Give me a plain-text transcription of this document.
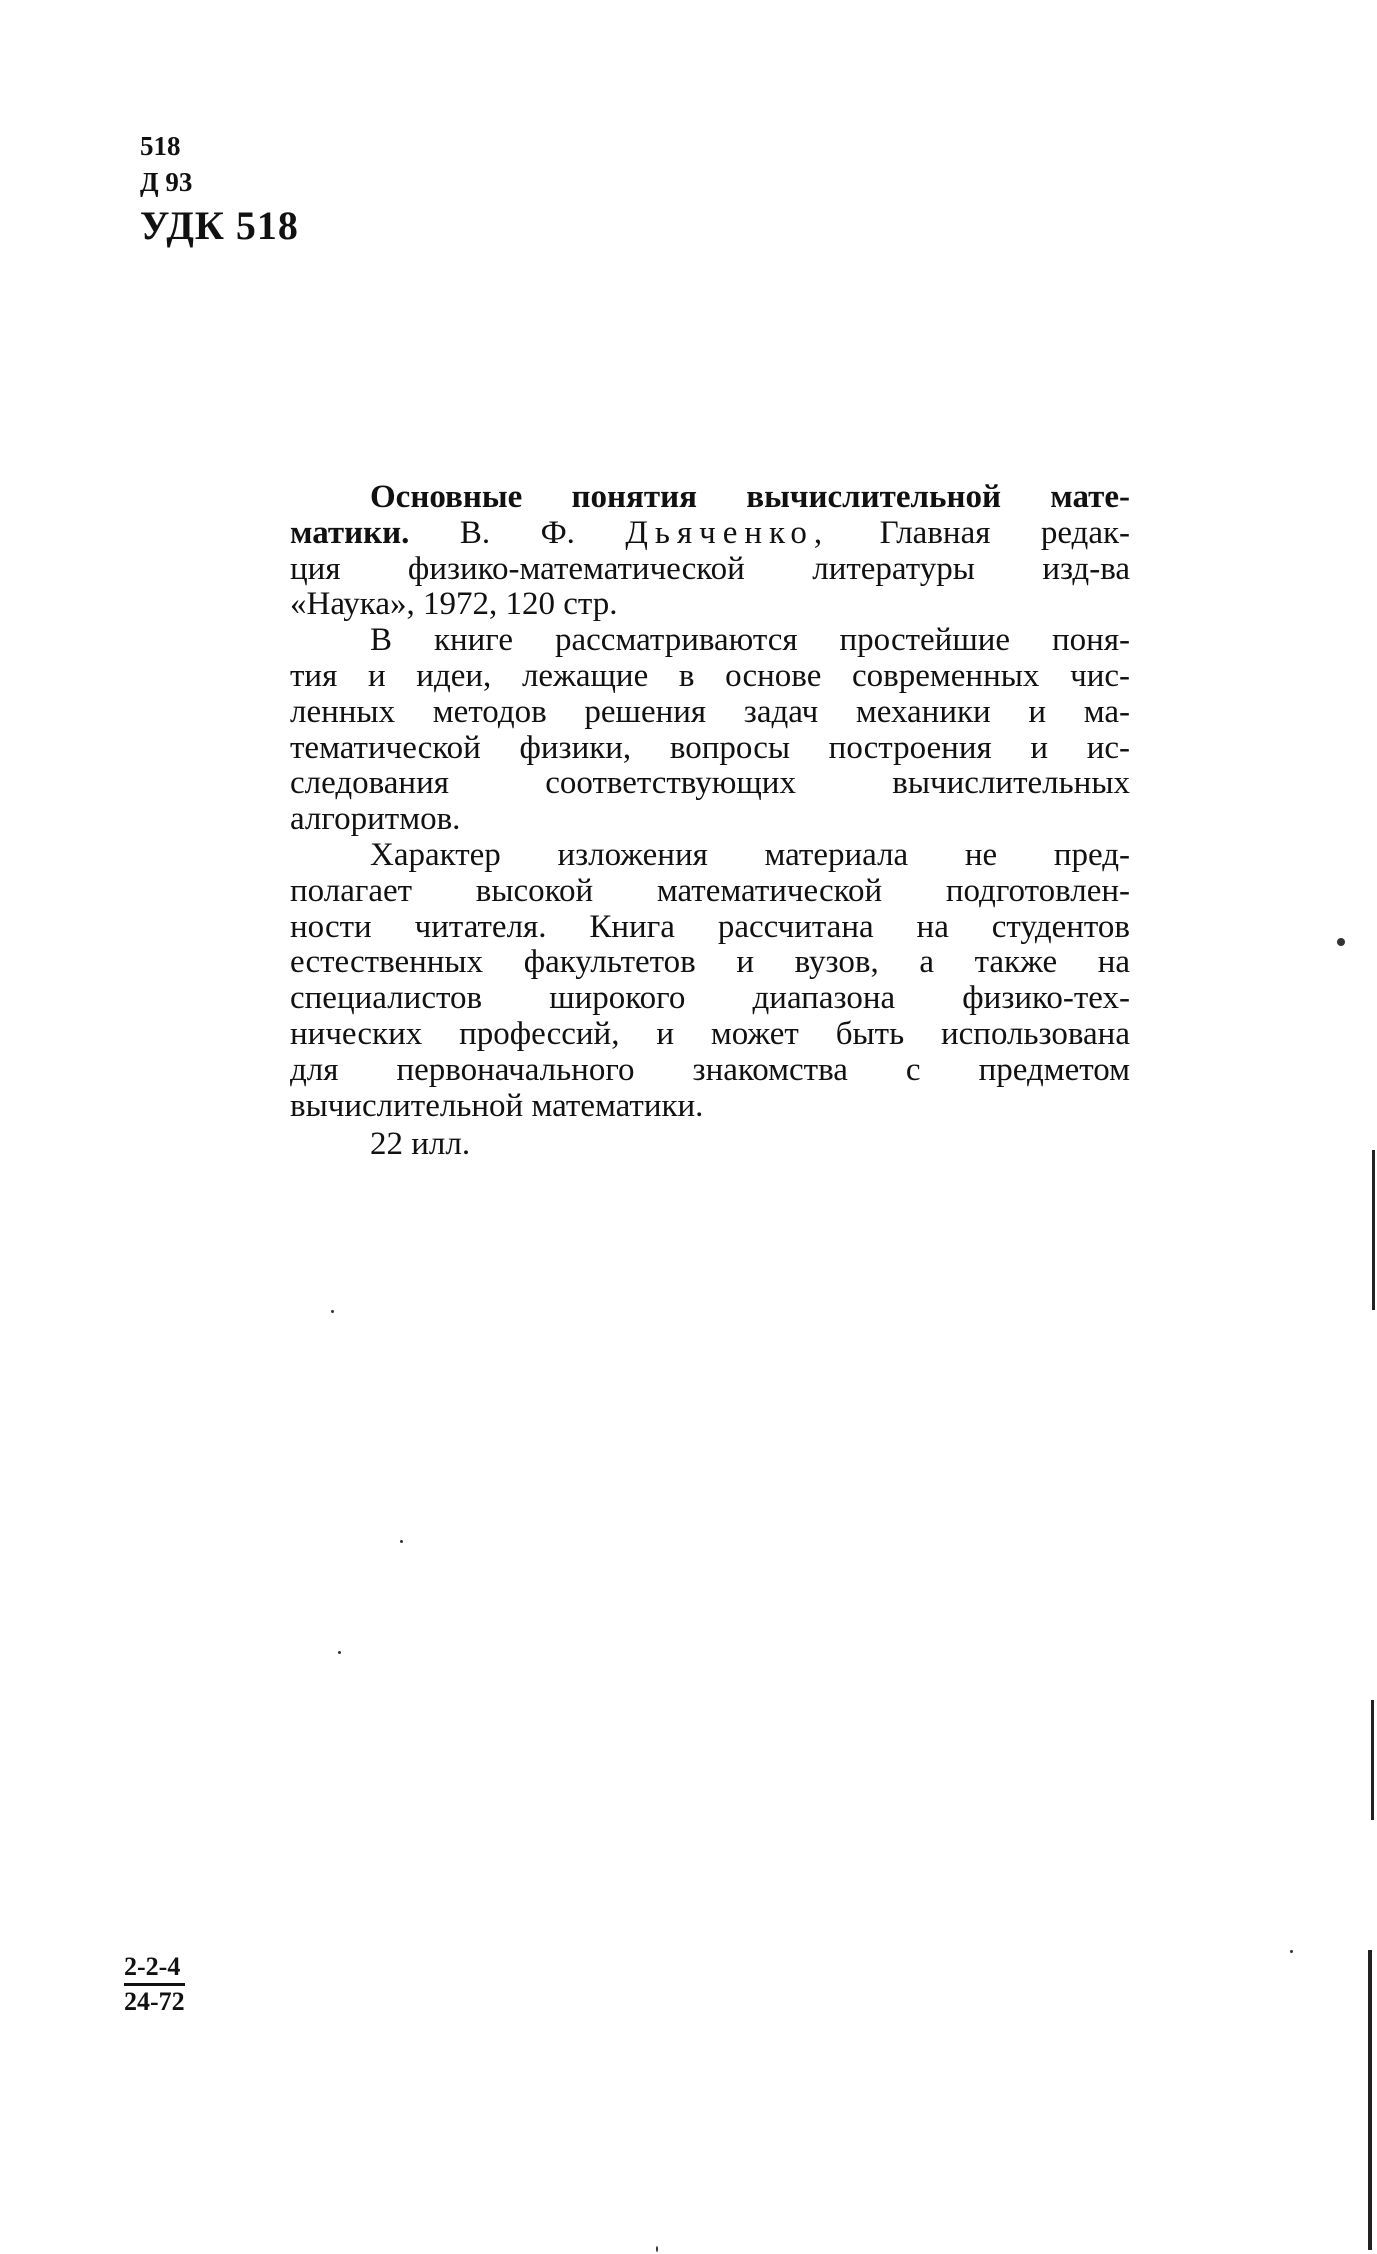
518
Д 93
УДК 518

Основные понятия вычислительной мате-
матики. В. Ф. Дьяченко, Главная редак-
ция физико-математической литературы изд-ва
«Наука», 1972, 120 стр.

В книге рассматриваются простейшие поня-
тия и идеи, лежащие в основе современных чис-
ленных методов решения задач механики и ма-
тематической физики, вопросы построения и ис-
следования соответствующих вычислительных
алгоритмов.

Характер изложения материала не пред-
полагает высокой математической подготовлен-
ности читателя. Книга рассчитана на студентов
естественных факультетов и вузов, а также на
специалистов широкого диапазона физико-тех-
нических профессий, и может быть использована
для первоначального знакомства с предметом
вычислительной математики.

22 илл.
$\frac{2-2-4}{24-72}$
